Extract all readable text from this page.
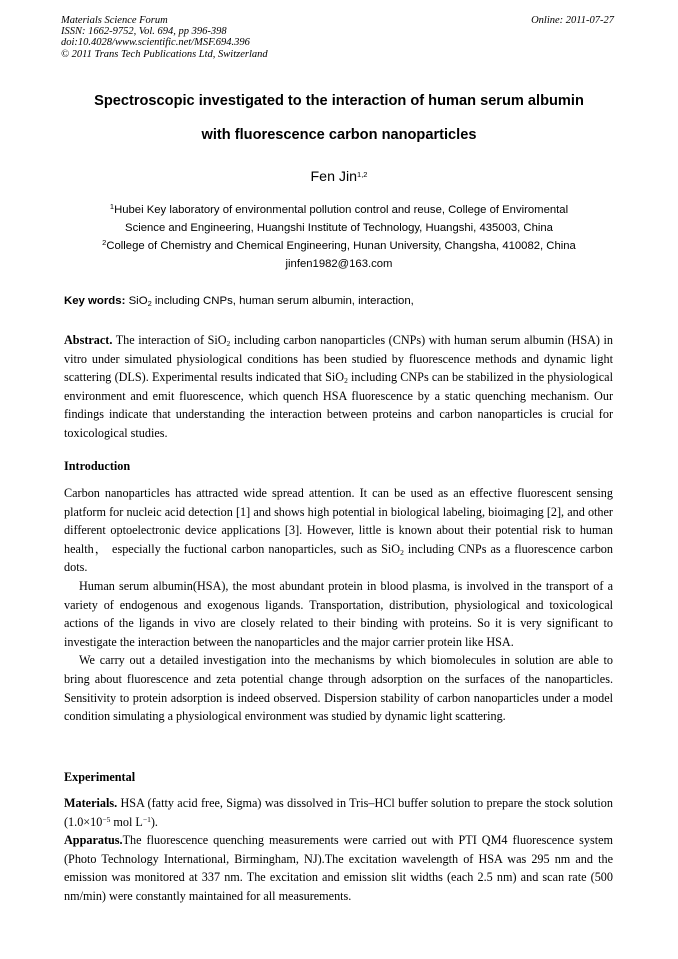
Materials Science Forum
ISSN: 1662-9752, Vol. 694, pp 396-398
doi:10.4028/www.scientific.net/MSF.694.396
© 2011 Trans Tech Publications Ltd, Switzerland
Online: 2011-07-27
Spectroscopic investigated to the interaction of human serum albumin
with fluorescence carbon nanoparticles
Fen Jin$^{1,2}$
$^1$Hubei Key laboratory of environmental pollution control and reuse, College of Enviromental
Science and Engineering, Huangshi Institute of Technology, Huangshi, 435003, China
$^2$College of Chemistry and Chemical Engineering, Hunan University, Changsha, 410082, China
jinfen1982@163.com
Key words: SiO$_2$ including CNPs, human serum albumin, interaction,

Abstract. The interaction of SiO$_2$ including carbon nanoparticles (CNPs) with human serum albumin (HSA) in vitro under simulated physiological conditions has been studied by fluorescence methods and dynamic light scattering (DLS). Experimental results indicated that SiO$_2$ including CNPs can be stabilized in the physiological environment and emit fluorescence, which quench HSA fluorescence by a static quenching mechanism. Our findings indicate that understanding the interaction between proteins and carbon nanoparticles is crucial for toxicological studies.

Introduction

Carbon nanoparticles has attracted wide spread attention. It can be used as an effective fluorescent sensing platform for nucleic acid detection [1] and shows high potential in biological labeling, bioimaging [2], and other different optoelectronic device applications [3]. However, little is known about their potential risk to human health， especially the fuctional carbon nanoparticles, such as SiO$_2$ including CNPs as a fluorescence carbon dots.

Human serum albumin(HSA), the most abundant protein in blood plasma, is involved in the transport of a variety of endogenous and exogenous ligands. Transportation, distribution, physiological and toxicological actions of the ligands in vivo are closely related to their binding with proteins. So it is very significant to investigate the interaction between the nanoparticles and the major carrier protein like HSA.

We carry out a detailed investigation into the mechanisms by which biomolecules in solution are able to bring about fluorescence and zeta potential change through adsorption on the surfaces of the nanoparticles. Sensitivity to protein adsorption is indeed observed. Dispersion stability of carbon nanoparticles under a model condition simulating a physiological environment was studied by dynamic light scattering.

Experimental

Materials. HSA (fatty acid free, Sigma) was dissolved in Tris–HCl buffer solution to prepare the stock solution ($1.0\times 10^{-5}$ mol $L^{-1}$).

Apparatus.The fluorescence quenching measurements were carried out with PTI QM4 fluorescence system (Photo Technology International, Birmingham, NJ).The excitation wavelength of HSA was 295 nm and the emission was monitored at 337 nm. The excitation and emission slit widths (each 2.5 nm) and scan rate (500 nm/min) were constantly maintained for all measurements.
